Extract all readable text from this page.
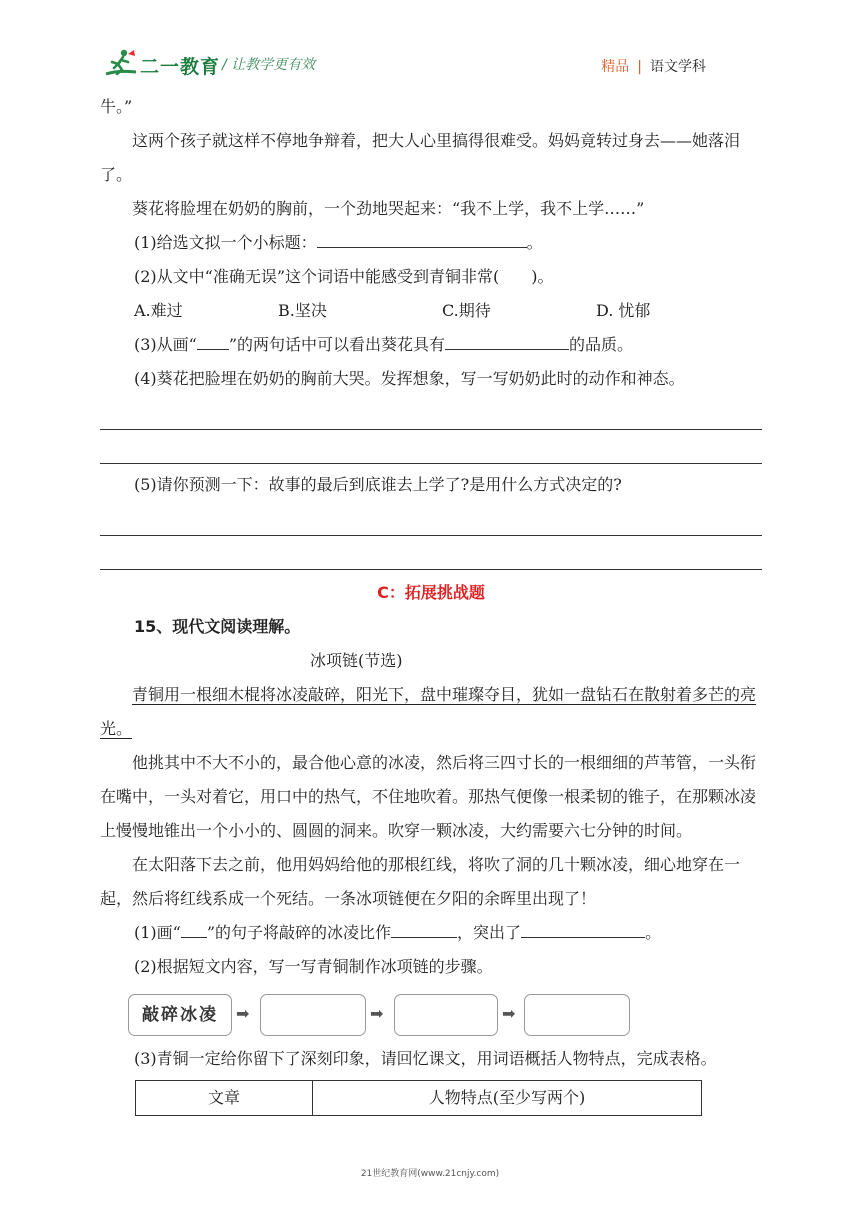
二一教育 / 让教学更有效	精品 | 语文学科

牛。”

这两个孩子就这样不停地争辩着，把大人心里搞得很难受。妈妈竟转过身去——她落泪了。

葵花将脸埋在奶奶的胸前，一个劲地哭起来：“我不上学，我不上学……”

(1)给选文拟一个小标题：	。

(2)从文中“准确无误”这个词语中能感受到青铜非常(　　)。

A.难过	B.坚决	C.期待	D. 忧郁

(3)从画“ ”的两句话中可以看出葵花具有	的品质。

(4)葵花把脸埋在奶奶的胸前大哭。发挥想象，写一写奶奶此时的动作和神态。

(5)请你预测一下：故事的最后到底谁去上学了?是用什么方式决定的?

C：拓展挑战题
15、现代文阅读理解。
冰项链(节选)

青铜用一根细木棍将冰凌敲碎，阳光下，盘中璀璨夺目，犹如一盘钻石在散射着多芒的亮光。

他挑其中不大不小的，最合他心意的冰凌，然后将三四寸长的一根细细的芦苇管，一头衔在嘴中，一头对着它，用口中的热气，不住地吹着。那热气便像一根柔韧的锥子，在那颗冰凌上慢慢地锥出一个小小的、圆圆的洞来。吹穿一颗冰凌，大约需要六七分钟的时间。

在太阳落下去之前，他用妈妈给他的那根红线，将吹了洞的几十颗冰凌，细心地穿在一起，然后将红线系成一个死结。一条冰项链便在夕阳的余晖里出现了！

(1)画“ ”的句子将敲碎的冰凌比作	，突出了	。

(2)根据短文内容，写一写青铜制作冰项链的步骤。

敲碎冰凌	➡	➡	➡

(3)青铜一定给你留下了深刻印象，请回忆课文，用词语概括人物特点，完成表格。

文章	人物特点(至少写两个)
21世纪教育网(www.21cnjy.com)
